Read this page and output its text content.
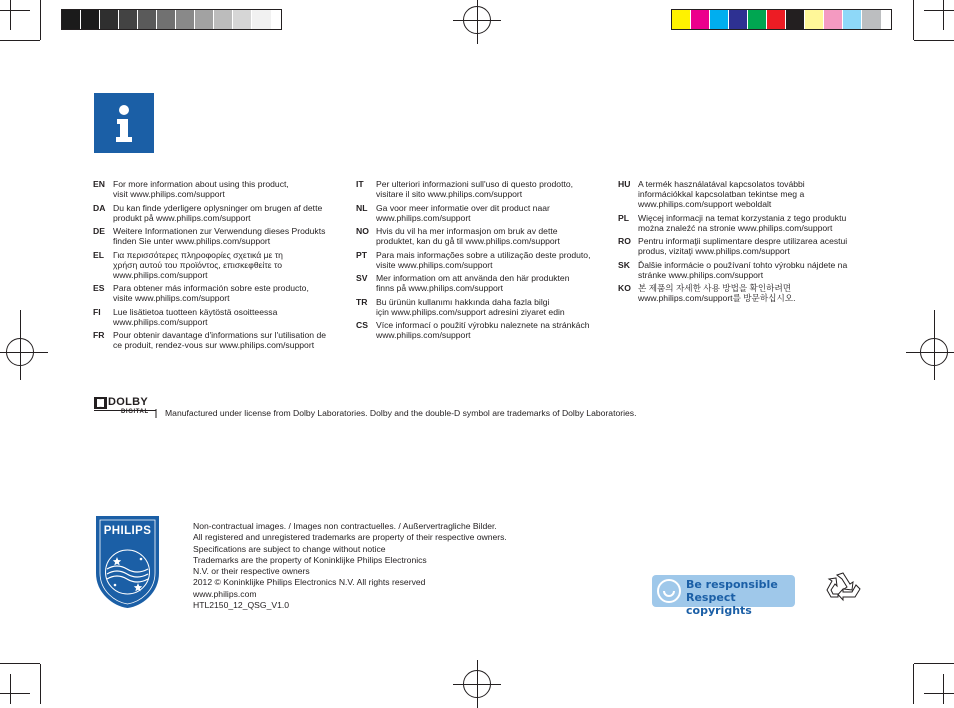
EN For more information about using this product,
visit www.philips.com/support
DA Du kan finde yderligere oplysninger om brugen af dette
produkt på www.philips.com/support
DE Weitere Informationen zur Verwendung dieses Produkts
finden Sie unter www.philips.com/support
EL	Για περισσότερες πληροφορίες σχετικά με τη
χρήση αυτού του προϊόντος, επισκεφθείτε το
www.philips.com/support
ES Para obtener más información sobre este producto,
visite www.philips.com/support
FI	Lue lisätietoa tuotteen käytöstä osoitteessa
www.philips.com/support
FR Pour obtenir davantage d'informations sur l'utilisation de
ce produit, rendez-vous sur www.philips.com/support
IT	Per ulteriori informazioni sull'uso di questo prodotto,
visitare il sito www.philips.com/support
NL Ga voor meer informatie over dit product naar
www.philips.com/support
NO Hvis du vil ha mer informasjon om bruk av dette
produktet, kan du gå til www.philips.com/support
PT	Para mais informações sobre a utilização deste produto,
visite www.philips.com/support
SV Mer information om att använda den här produkten
finns på www.philips.com/support
TR Bu ürünün kullanımı hakkında daha fazla bilgi
için www.philips.com/support adresini ziyaret edin
CS Více informací o použití výrobku naleznete na stránkách
www.philips.com/support
HU A termék használatával kapcsolatos további
információkkal kapcsolatban tekintse meg a
www.philips.com/support weboldalt
PL	Więcej informacji na temat korzystania z tego produktu
można znaleźć na stronie www.philips.com/support
RO Pentru informaţii suplimentare despre utilizarea acestui
produs, vizitaţi www.philips.com/support
SK Ďalšie informácie o používaní tohto výrobku nájdete na
stránke www.philips.com/support
KO 본 제품의 자세한 사용 방법을 확인하려면
www.philips.com/support를 방문하십시오.
DOLBY
DIGITAL Manufactured under license from Dolby Laboratories. Dolby and the double-D symbol are trademarks of Dolby Laboratories.
PHILIPS	Non-contractual images. / Images non contractuelles. / Außervertragliche Bilder.
All registered and unregistered trademarks are property of their respective owners.
Specifications are subject to change without notice
Trademarks are the property of Koninklijke Philips Electronics
N.V. or their respective owners
2012 © Koninklijke Philips Electronics N.V. All rights reserved
www.philips.com
HTL2150_12_QSG_V1.0
Be responsible
Respect copyrights
